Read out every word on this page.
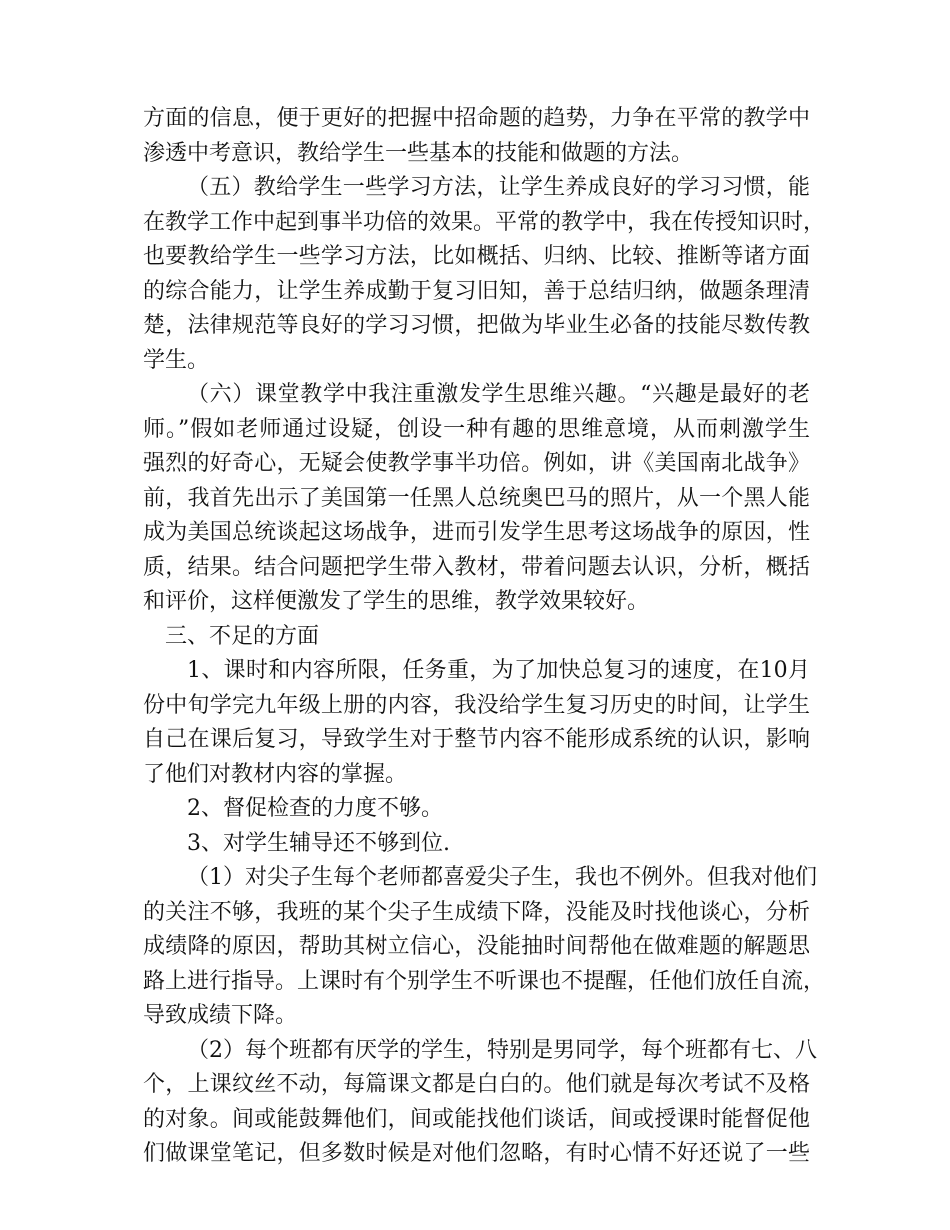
方面的信息，便于更好的把握中招命题的趋势，力争在平常的教学中
渗透中考意识，教给学生一些基本的技能和做题的方法。
（五）教给学生一些学习方法，让学生养成良好的学习习惯，能
在教学工作中起到事半功倍的效果。平常的教学中，我在传授知识时，
也要教给学生一些学习方法，比如概括、归纳、比较、推断等诸方面
的综合能力，让学生养成勤于复习旧知，善于总结归纳，做题条理清
楚，法律规范等良好的学习习惯，把做为毕业生必备的技能尽数传教
学生。
（六）课堂教学中我注重激发学生思维兴趣。“兴趣是最好的老
师。”假如老师通过设疑，创设一种有趣的思维意境，从而刺激学生
强烈的好奇心，无疑会使教学事半功倍。例如，讲《美国南北战争》
前，我首先出示了美国第一任黑人总统奥巴马的照片，从一个黑人能
成为美国总统谈起这场战争，进而引发学生思考这场战争的原因，性
质，结果。结合问题把学生带入教材，带着问题去认识，分析，概括
和评价，这样便激发了学生的思维，教学效果较好。
三、不足的方面
1、课时和内容所限，任务重，为了加快总复习的速度，在10月
份中旬学完九年级上册的内容，我没给学生复习历史的时间，让学生
自己在课后复习，导致学生对于整节内容不能形成系统的认识，影响
了他们对教材内容的掌握。
2、督促检查的力度不够。
3、对学生辅导还不够到位.
（1）对尖子生每个老师都喜爱尖子生，我也不例外。但我对他们
的关注不够，我班的某个尖子生成绩下降，没能及时找他谈心，分析
成绩降的原因，帮助其树立信心，没能抽时间帮他在做难题的解题思
路上进行指导。上课时有个别学生不听课也不提醒，任他们放任自流，
导致成绩下降。
（2）每个班都有厌学的学生，特别是男同学，每个班都有七、八
个，上课纹丝不动，每篇课文都是白白的。他们就是每次考试不及格
的对象。间或能鼓舞他们，间或能找他们谈话，间或授课时能督促他
们做课堂笔记，但多数时候是对他们忽略，有时心情不好还说了一些
